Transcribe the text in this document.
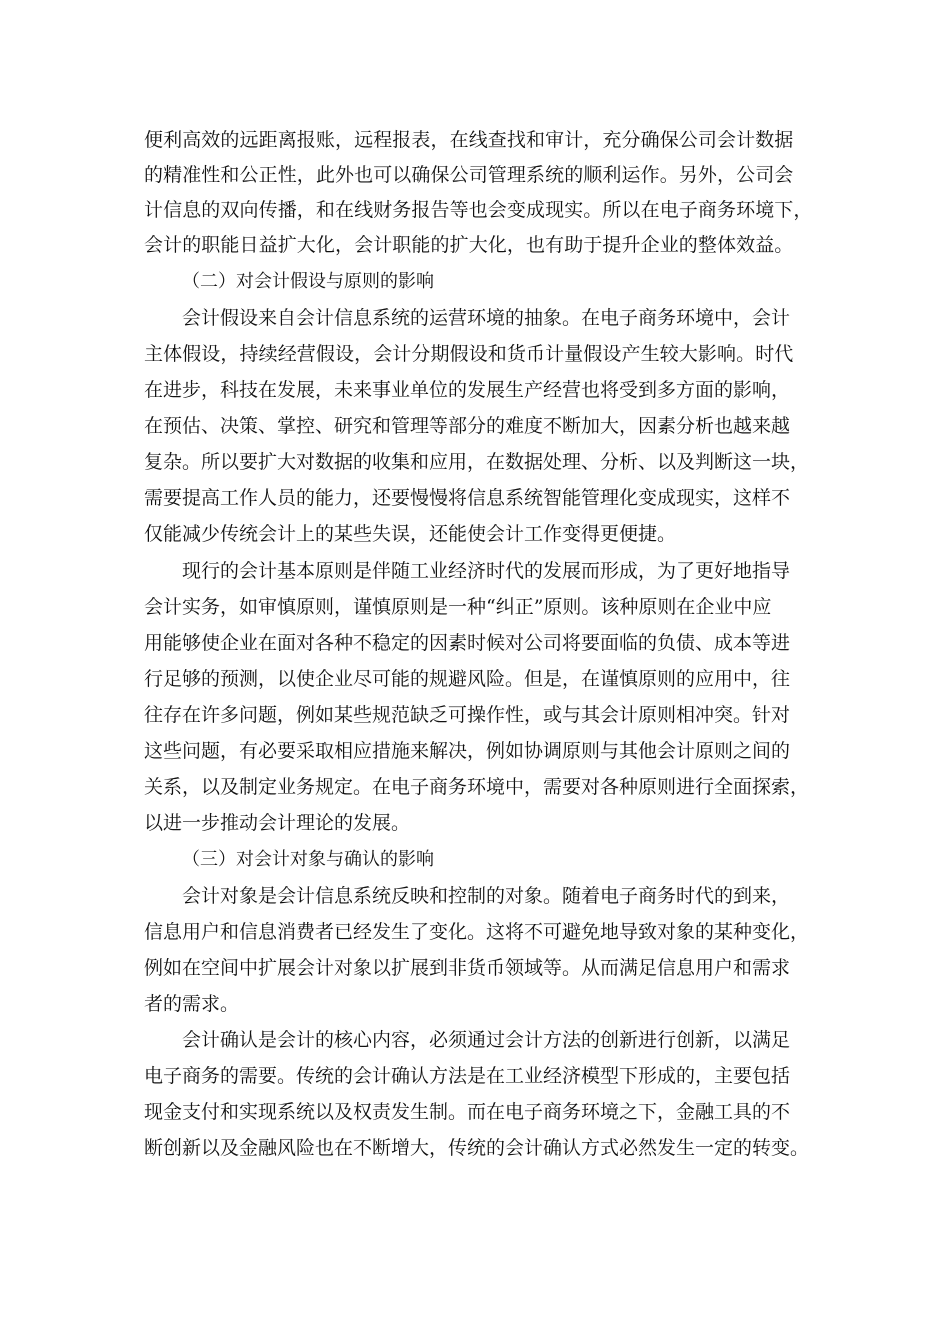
便利高效的远距离报账，远程报表，在线查找和审计，充分确保公司会计数据
的精准性和公正性，此外也可以确保公司管理系统的顺利运作。另外，公司会
计信息的双向传播，和在线财务报告等也会变成现实。所以在电子商务环境下，
会计的职能日益扩大化，会计职能的扩大化，也有助于提升企业的整体效益。
（二）对会计假设与原则的影响
会计假设来自会计信息系统的运营环境的抽象。在电子商务环境中，会计
主体假设，持续经营假设，会计分期假设和货币计量假设产生较大影响。时代
在进步，科技在发展，未来事业单位的发展生产经营也将受到多方面的影响，
在预估、决策、掌控、研究和管理等部分的难度不断加大，因素分析也越来越
复杂。所以要扩大对数据的收集和应用，在数据处理、分析、以及判断这一块，
需要提高工作人员的能力，还要慢慢将信息系统智能管理化变成现实，这样不
仅能减少传统会计上的某些失误，还能使会计工作变得更便捷。
现行的会计基本原则是伴随工业经济时代的发展而形成，为了更好地指导
会计实务，如审慎原则，谨慎原则是一种“纠正”原则。该种原则在企业中应
用能够使企业在面对各种不稳定的因素时候对公司将要面临的负债、成本等进
行足够的预测，以使企业尽可能的规避风险。但是，在谨慎原则的应用中，往
往存在许多问题，例如某些规范缺乏可操作性，或与其会计原则相冲突。针对
这些问题，有必要采取相应措施来解决，例如协调原则与其他会计原则之间的
关系，以及制定业务规定。在电子商务环境中，需要对各种原则进行全面探索，
以进一步推动会计理论的发展。
（三）对会计对象与确认的影响
会计对象是会计信息系统反映和控制的对象。随着电子商务时代的到来，
信息用户和信息消费者已经发生了变化。这将不可避免地导致对象的某种变化，
例如在空间中扩展会计对象以扩展到非货币领域等。从而满足信息用户和需求
者的需求。
会计确认是会计的核心内容，必须通过会计方法的创新进行创新，以满足
电子商务的需要。传统的会计确认方法是在工业经济模型下形成的，主要包括
现金支付和实现系统以及权责发生制。而在电子商务环境之下，金融工具的不
断创新以及金融风险也在不断增大，传统的会计确认方式必然发生一定的转变。
